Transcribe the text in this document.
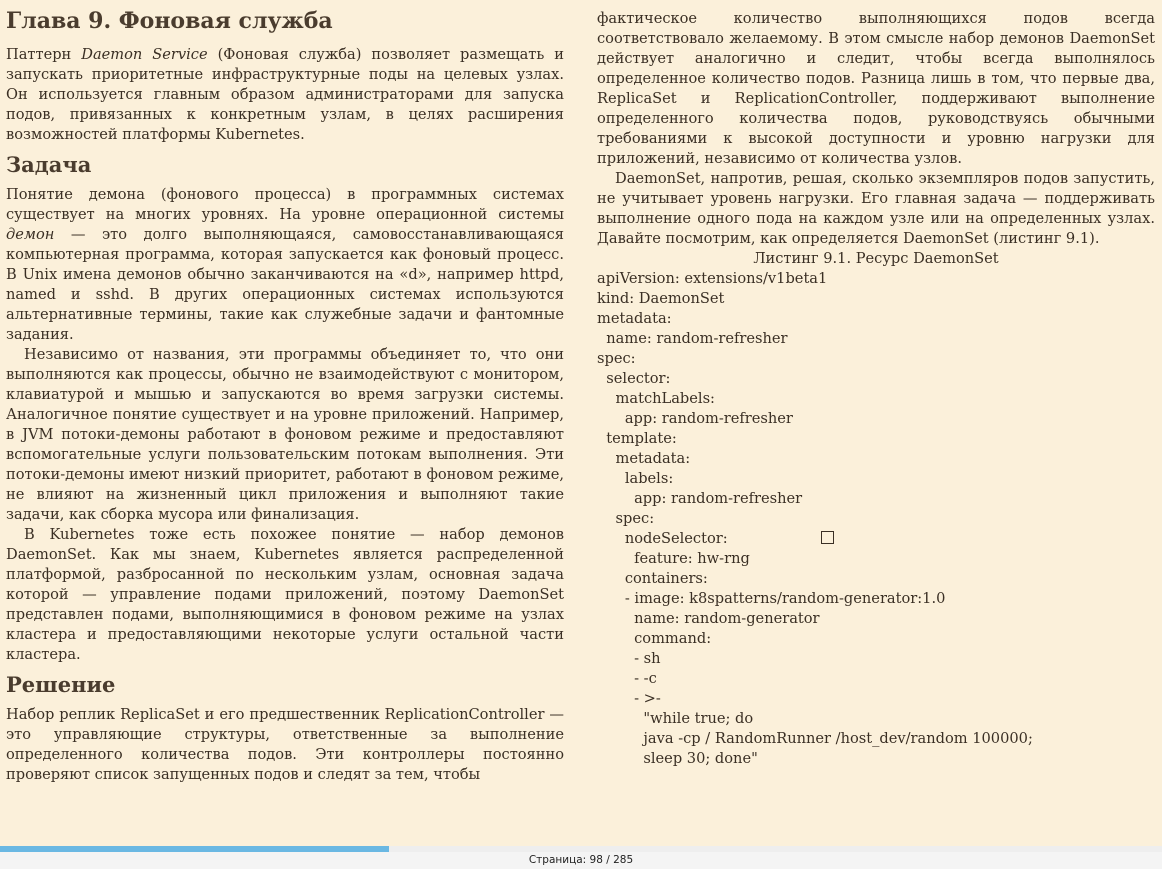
Глава 9. Фоновая служба

Паттерн Daemon Service (Фоновая служба) позволяет размещать и запускать приоритетные инфраструктурные поды на целевых узлах. Он используется главным образом администраторами для запуска подов, привязанных к конкретным узлам, в целях расширения возможностей платформы Kubernetes.

Задача

Понятие демона (фонового процесса) в программных системах существует на многих уровнях. На уровне операционной системы демон — это долго выполняющаяся, самовосстанавливающаяся компьютерная программа, которая запускается как фоновый процесс. В Unix имена демонов обычно заканчиваются на «d», например httpd, named и sshd. В других операционных системах используются альтернативные термины, такие как служебные задачи и фантомные задания.

Независимо от названия, эти программы объединяет то, что они выполняются как процессы, обычно не взаимодействуют с монитором, клавиатурой и мышью и запускаются во время загрузки системы. Аналогичное понятие существует и на уровне приложений. Например, в JVM потоки-демоны работают в фоновом режиме и предоставляют вспомогательные услуги пользовательским потокам выполнения. Эти потоки-демоны имеют низкий приоритет, работают в фоновом режиме, не влияют на жизненный цикл приложения и выполняют такие задачи, как сборка мусора или финализация.

В Kubernetes тоже есть похожее понятие — набор демонов DaemonSet. Как мы знаем, Kubernetes является распределенной платформой, разбросанной по нескольким узлам, основная задача которой — управление подами приложений, поэтому DaemonSet представлен подами, выполняющимися в фоновом режиме на узлах кластера и предоставляющими некоторые услуги остальной части кластера.

Решение

Набор реплик ReplicaSet и его предшественник ReplicationController — это управляющие структуры, ответственные за выполнение определенного количества подов. Эти контроллеры постоянно проверяют список запущенных подов и следят за тем, чтобы

фактическое количество выполняющихся подов всегда соответствовало желаемому. В этом смысле набор демонов DaemonSet действует аналогично и следит, чтобы всегда выполнялось определенное количество подов. Разница лишь в том, что первые два, ReplicaSet и ReplicationController, поддерживают выполнение определенного количества подов, руководствуясь обычными требованиями к высокой доступности и уровню нагрузки для приложений, независимо от количества узлов.

DaemonSet, напротив, решая, сколько экземпляров подов запустить, не учитывает уровень нагрузки. Его главная задача — поддерживать выполнение одного пода на каждом узле или на определенных узлах. Давайте посмотрим, как определяется DaemonSet (листинг 9.1).

Листинг 9.1. Ресурс DaemonSet
apiVersion: extensions/v1beta1
kind: DaemonSet
metadata:
name: random-refresher
spec:
selector:
matchLabels:
app: random-refresher
template:
metadata:
labels:
app: random-refresher
spec:
nodeSelector:
feature: hw-rng
containers:
- image: k8spatterns/random-generator:1.0
name: random-generator
command:
- sh
- -c
- >-
"while true; do
java -cp / RandomRunner /host_dev/random 100000;
sleep 30; done"
Страница: 98 / 285
